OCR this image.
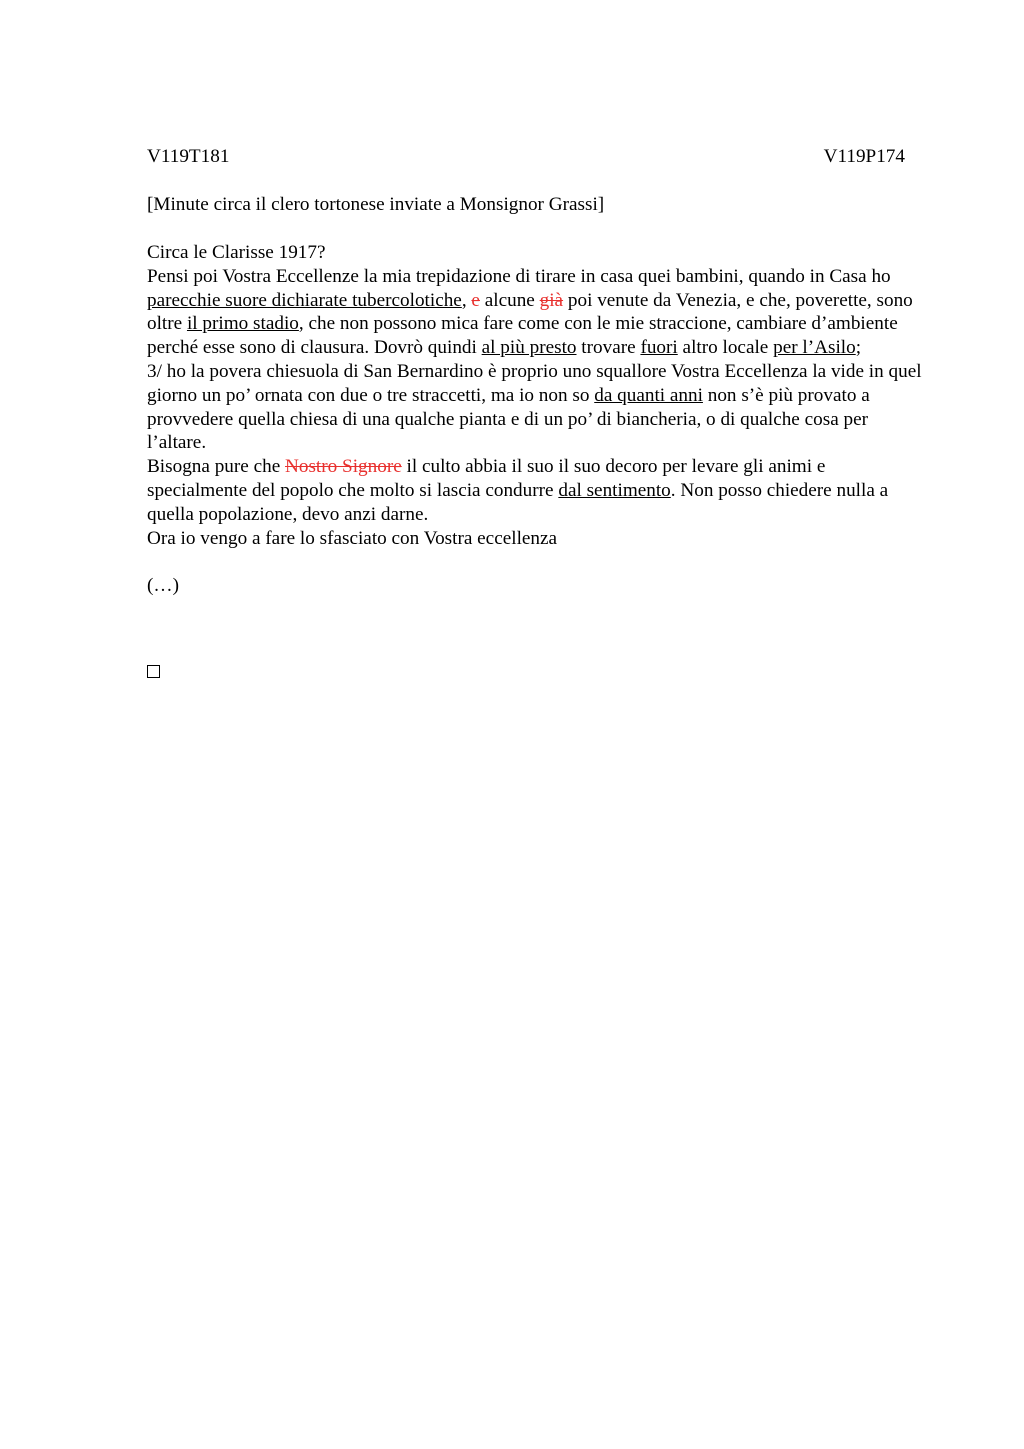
V119T181	V119P174
[Minute circa il clero tortonese inviate a Monsignor Grassi]

Circa le Clarisse 1917?

Pensi poi Vostra Eccellenze la mia trepidazione di tirare in casa quei bambini, quando in Casa ho parecchie suore dichiarate tubercolotiche, e alcune già poi venute da Venezia, e che, poverette, sono oltre il primo stadio, che non possono mica fare come con le mie straccione, cambiare d’ambiente perché esse sono di clausura. Dovrò quindi al più presto trovare fuori altro locale per l’Asilo;

3/ ho la povera chiesuola di San Bernardino è proprio uno squallore Vostra Eccellenza la vide in quel giorno un po’ ornata con due o tre straccetti, ma io non so da quanti anni non s’è più provato a provvedere quella chiesa di una qualche pianta e di un po’ di biancheria, o di qualche cosa per l’altare.

Bisogna pure che Nostro Signore il culto abbia il suo il suo decoro per levare gli animi e specialmente del popolo che molto si lascia condurre dal sentimento. Non posso chiedere nulla a quella popolazione, devo anzi darne.

Ora io vengo a fare lo sfasciato con Vostra eccellenza

(…)
